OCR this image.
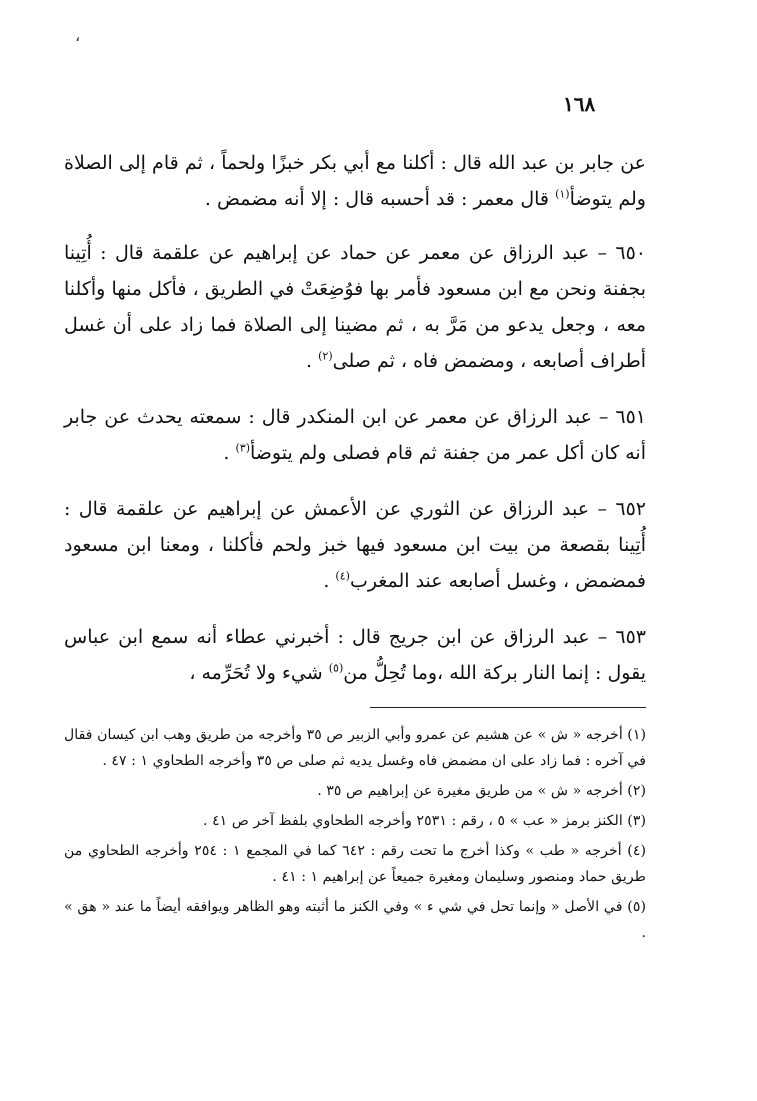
،
١٦٨

عن جابر بن عبد الله قال : أكلنا مع أبي بكر خبزًا ولحماً ، ثم قام إلى الصلاة ولم يتوضأ$^{(١)}$ قال معمر : قد أحسبه قال : إلا أنه مضمض .

٦٥٠ – عبد الرزاق عن معمر عن حماد عن إبراهيم عن علقمة قال : أُتِينا بجفنة ونحن مع ابن مسعود فأمر بها فوُضِعَتْ في الطريق ، فأكل منها وأكلنا معه ، وجعل يدعو من مَرَّ به ، ثم مضينا إلى الصلاة فما زاد على أن غسل أطراف أصابعه ، ومضمض فاه ، ثم صلى$^{(٢)}$ .

٦٥١ – عبد الرزاق عن معمر عن ابن المنكدر قال : سمعته يحدث عن جابر أنه كان أكل عمر من جفنة ثم قام فصلى ولم يتوضأ$^{(٣)}$ .

٦٥٢ – عبد الرزاق عن الثوري عن الأعمش عن إبراهيم عن علقمة قال : أُتِينا بقصعة من بيت ابن مسعود فيها خبز ولحم فأكلنا ، ومعنا ابن مسعود فمضمض ، وغسل أصابعه عند المغرب$^{(٤)}$ .

٦٥٣ – عبد الرزاق عن ابن جريج قال : أخبرني عطاء أنه سمع ابن عباس يقول : إنما النار بركة الله ،وما تُحِلُّ من$^{(٥)}$ شيء ولا تُحَرِّمه ،

(١) أخرجه « ش » عن هشيم عن عمرو وأبي الزبير ص ٣٥ وأخرجه من طريق وهب ابن كيسان فقال في آخره : فما زاد على ان مضمض فاه وغسل يديه ثم صلى ص ٣٥ وأخرجه الطحاوي ١ : ٤٧ .

(٢) أخرجه « ش » من طريق مغيرة عن إبراهيم ص ٣٥ .

(٣) الكنز برمز « عب » ٥ ، رقم : ٢٥٣١ وأخرجه الطحاوي بلفظ آخر ص ٤١ .

(٤) أخرجه « طب » وكذا أخرج ما تحت رقم : ٦٤٢ كما في المجمع ١ : ٢٥٤ وأخرجه الطحاوي من طريق حماد ومنصور وسليمان ومغيرة جميعاً عن إبراهيم ١ : ٤١ .

(٥) في الأصل « وإنما تحل في شي ء » وفي الكنز ما أثبته وهو الظاهر ويوافقه أيضاً ما عند « هق » .
